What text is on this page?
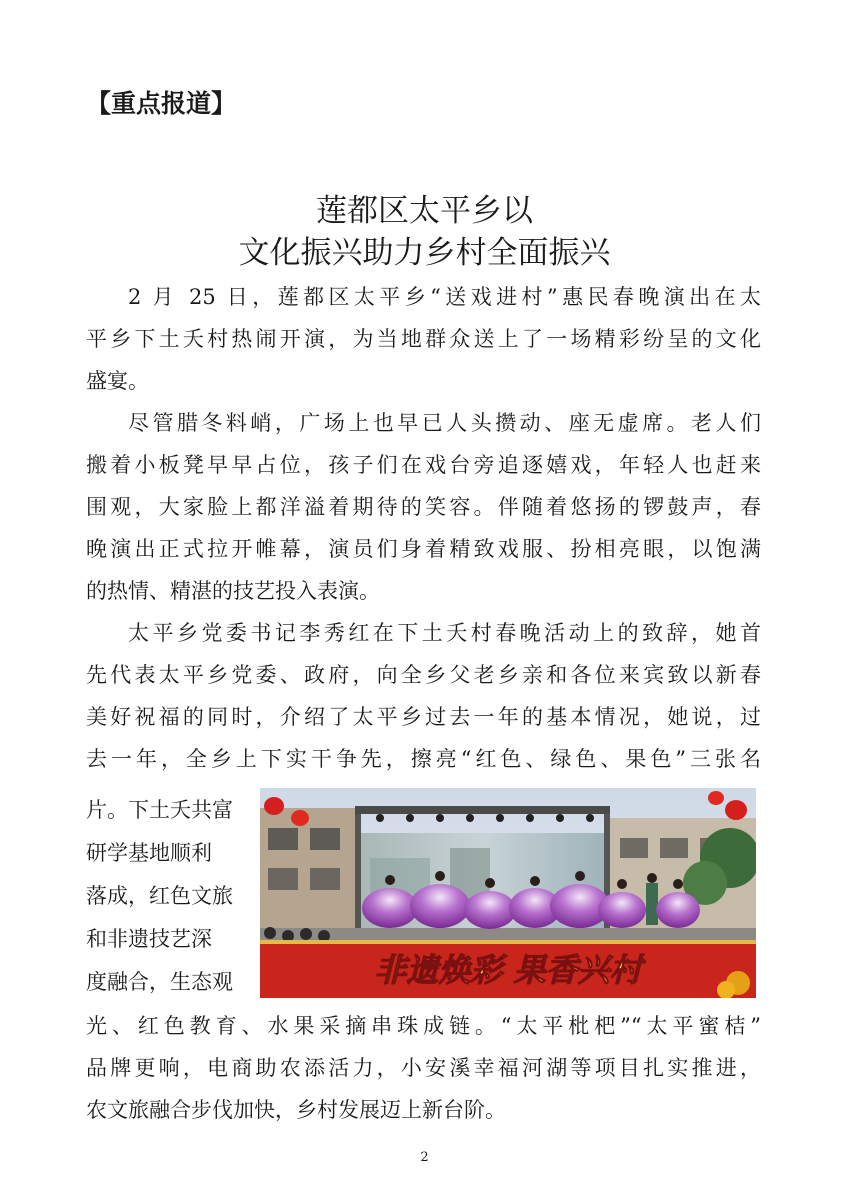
【重点报道】
莲都区太平乡以
文化振兴助力乡村全面振兴
2 月 25 日，莲都区太平乡“送戏进村”惠民春晚演出在太
平乡下土夭村热闹开演，为当地群众送上了一场精彩纷呈的文化
盛宴。
尽管腊冬料峭，广场上也早已人头攒动、座无虚席。老人们
搬着小板凳早早占位，孩子们在戏台旁追逐嬉戏，年轻人也赶来
围观，大家脸上都洋溢着期待的笑容。伴随着悠扬的锣鼓声，春
晚演出正式拉开帷幕，演员们身着精致戏服、扮相亮眼，以饱满
的热情、精湛的技艺投入表演。
太平乡党委书记李秀红在下土夭村春晚活动上的致辞，她首
先代表太平乡党委、政府，向全乡父老乡亲和各位来宾致以新春
美好祝福的同时，介绍了太平乡过去一年的基本情况，她说，过
去一年，全乡上下实干争先，擦亮“红色、绿色、果色”三张名
片。下土夭共富
研学基地顺利
落成，红色文旅
和非遗技艺深
度融合，生态观	非遗焕彩 果香兴村
光、红色教育、水果采摘串珠成链。“太平枇杷”“太平蜜桔”
品牌更响，电商助农添活力，小安溪幸福河湖等项目扎实推进，
农文旅融合步伐加快，乡村发展迈上新台阶。
2
